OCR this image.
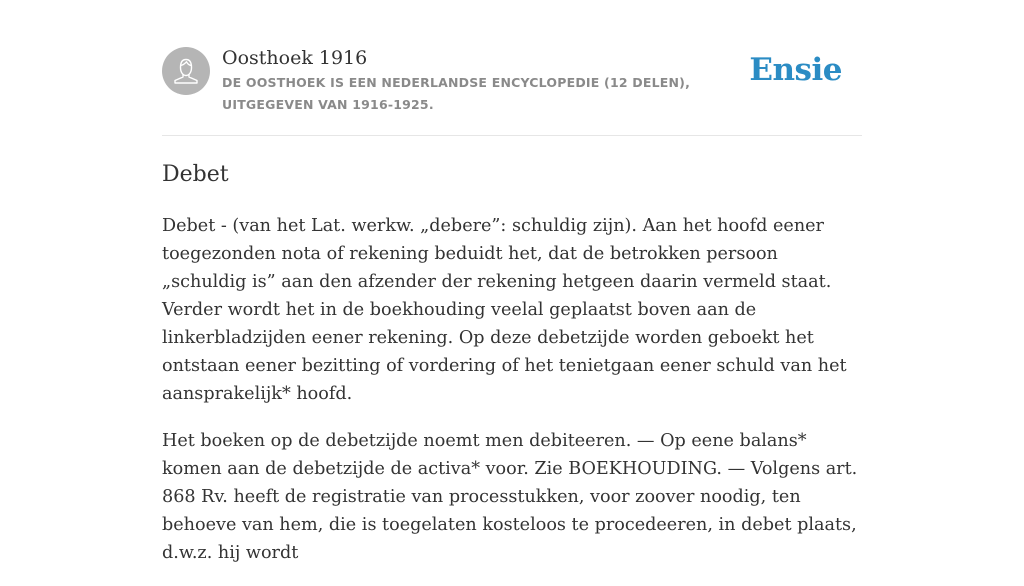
Oosthoek 1916
DE OOSTHOEK IS EEN NEDERLANDSE ENCYCLOPEDIE (12 DELEN), UITGEGEVEN VAN 1916-1925.
Ensie
Debet

Debet - (van het Lat. werkw. „debere”: schuldig zijn). Aan het hoofd eener toegezonden nota of rekening beduidt het, dat de betrokken persoon „schuldig is” aan den afzender der rekening hetgeen daarin vermeld staat. Verder wordt het in de boekhouding veelal geplaatst boven aan de linkerbladzijden eener rekening. Op deze debetzijde worden geboekt het ontstaan eener bezitting of vordering of het tenietgaan eener schuld van het aansprakelijk* hoofd.

Het boeken op de debetzijde noemt men debiteeren. — Op eene balans* komen aan de debetzijde de activa* voor. Zie BOEKHOUDING. — Volgens art. 868 Rv. heeft de registratie van processtukken, voor zoover noodig, ten behoeve van hem, die is toegelaten kosteloos te procedeeren, in debet plaats, d.w.z. hij wordt
